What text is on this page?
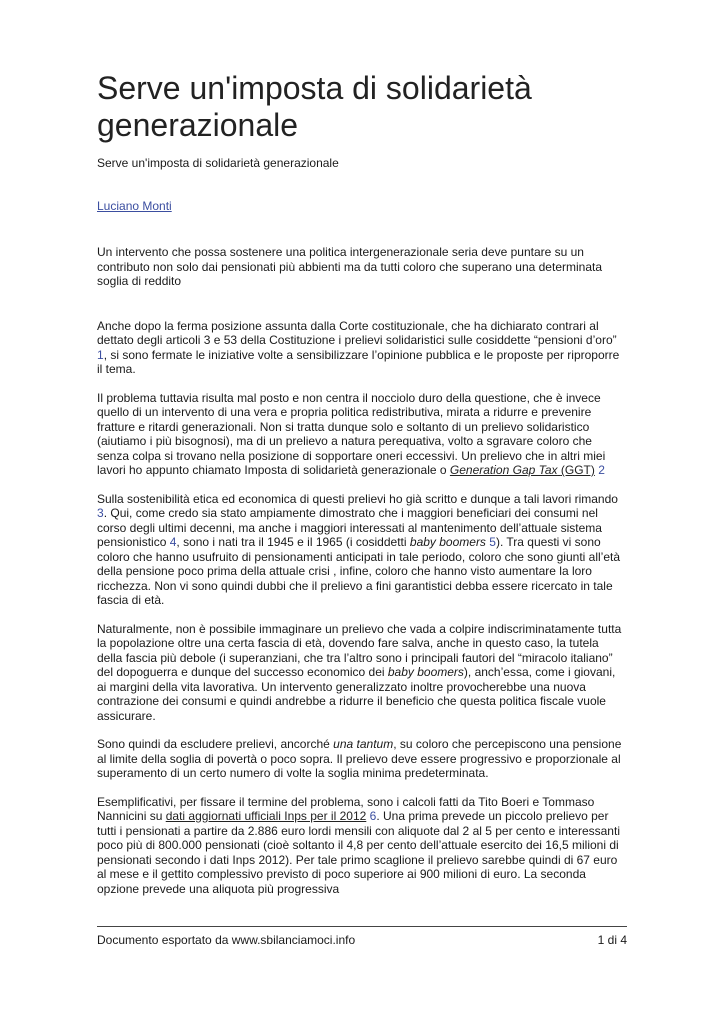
Serve un'imposta di solidarietà generazionale
Serve un'imposta di solidarietà generazionale
Luciano Monti

Un intervento che possa sostenere una politica intergenerazionale seria deve puntare su un contributo non solo dai pensionati più abbienti ma da tutti coloro che superano una determinata soglia di reddito

Anche dopo la ferma posizione assunta dalla Corte costituzionale, che ha dichiarato contrari al dettato degli articoli 3 e 53 della Costituzione i prelievi solidaristici sulle cosiddette “pensioni d’oro” 1, si sono fermate le iniziative volte a sensibilizzare l’opinione pubblica e le proposte per riproporre il tema.

Il problema tuttavia risulta mal posto e non centra il nocciolo duro della questione, che è invece quello di un intervento di una vera e propria politica redistributiva, mirata a ridurre e prevenire fratture e ritardi generazionali. Non si tratta dunque solo e soltanto di un prelievo solidaristico (aiutiamo i più bisognosi), ma di un prelievo a natura perequativa, volto a sgravare coloro che senza colpa si trovano nella posizione di sopportare oneri eccessivi. Un prelievo che in altri miei lavori ho appunto chiamato Imposta di solidarietà generazionale o Generation Gap Tax (GGT) 2

Sulla sostenibilità etica ed economica di questi prelievi ho già scritto e dunque a tali lavori rimando 3. Qui, come credo sia stato ampiamente dimostrato che i maggiori beneficiari dei consumi nel corso degli ultimi decenni, ma anche i maggiori interessati al mantenimento dell’attuale sistema pensionistico 4, sono i nati tra il 1945 e il 1965 (i cosiddetti baby boomers 5). Tra questi vi sono coloro che hanno usufruito di pensionamenti anticipati in tale periodo, coloro che sono giunti all’età della pensione poco prima della attuale crisi , infine, coloro che hanno visto aumentare la loro ricchezza. Non vi sono quindi dubbi che il prelievo a fini garantistici debba essere ricercato in tale fascia di età.

Naturalmente, non è possibile immaginare un prelievo che vada a colpire indiscriminatamente tutta la popolazione oltre una certa fascia di età, dovendo fare salva, anche in questo caso, la tutela della fascia più debole (i superanziani, che tra l’altro sono i principali fautori del “miracolo italiano” del dopoguerra e dunque del successo economico dei baby boomers), anch’essa, come i giovani, ai margini della vita lavorativa. Un intervento generalizzato inoltre provocherebbe una nuova contrazione dei consumi e quindi andrebbe a ridurre il beneficio che questa politica fiscale vuole assicurare.

Sono quindi da escludere prelievi, ancorché una tantum, su coloro che percepiscono una pensione al limite della soglia di povertà o poco sopra. Il prelievo deve essere progressivo e proporzionale al superamento di un certo numero di volte la soglia minima predeterminata.

Esemplificativi, per fissare il termine del problema, sono i calcoli fatti da Tito Boeri e Tommaso Nannicini su dati aggiornati ufficiali Inps per il 2012 6. Una prima prevede un piccolo prelievo per tutti i pensionati a partire da 2.886 euro lordi mensili con aliquote dal 2 al 5 per cento e interessanti poco più di 800.000 pensionati (cioè soltanto il 4,8 per cento dell’attuale esercito dei 16,5 milioni di pensionati secondo i dati Inps 2012). Per tale primo scaglione il prelievo sarebbe quindi di 67 euro al mese e il gettito complessivo previsto di poco superiore ai 900 milioni di euro. La seconda opzione prevede una aliquota più progressiva

Documento esportato da www.sbilanciamoci.info	1 di 4
